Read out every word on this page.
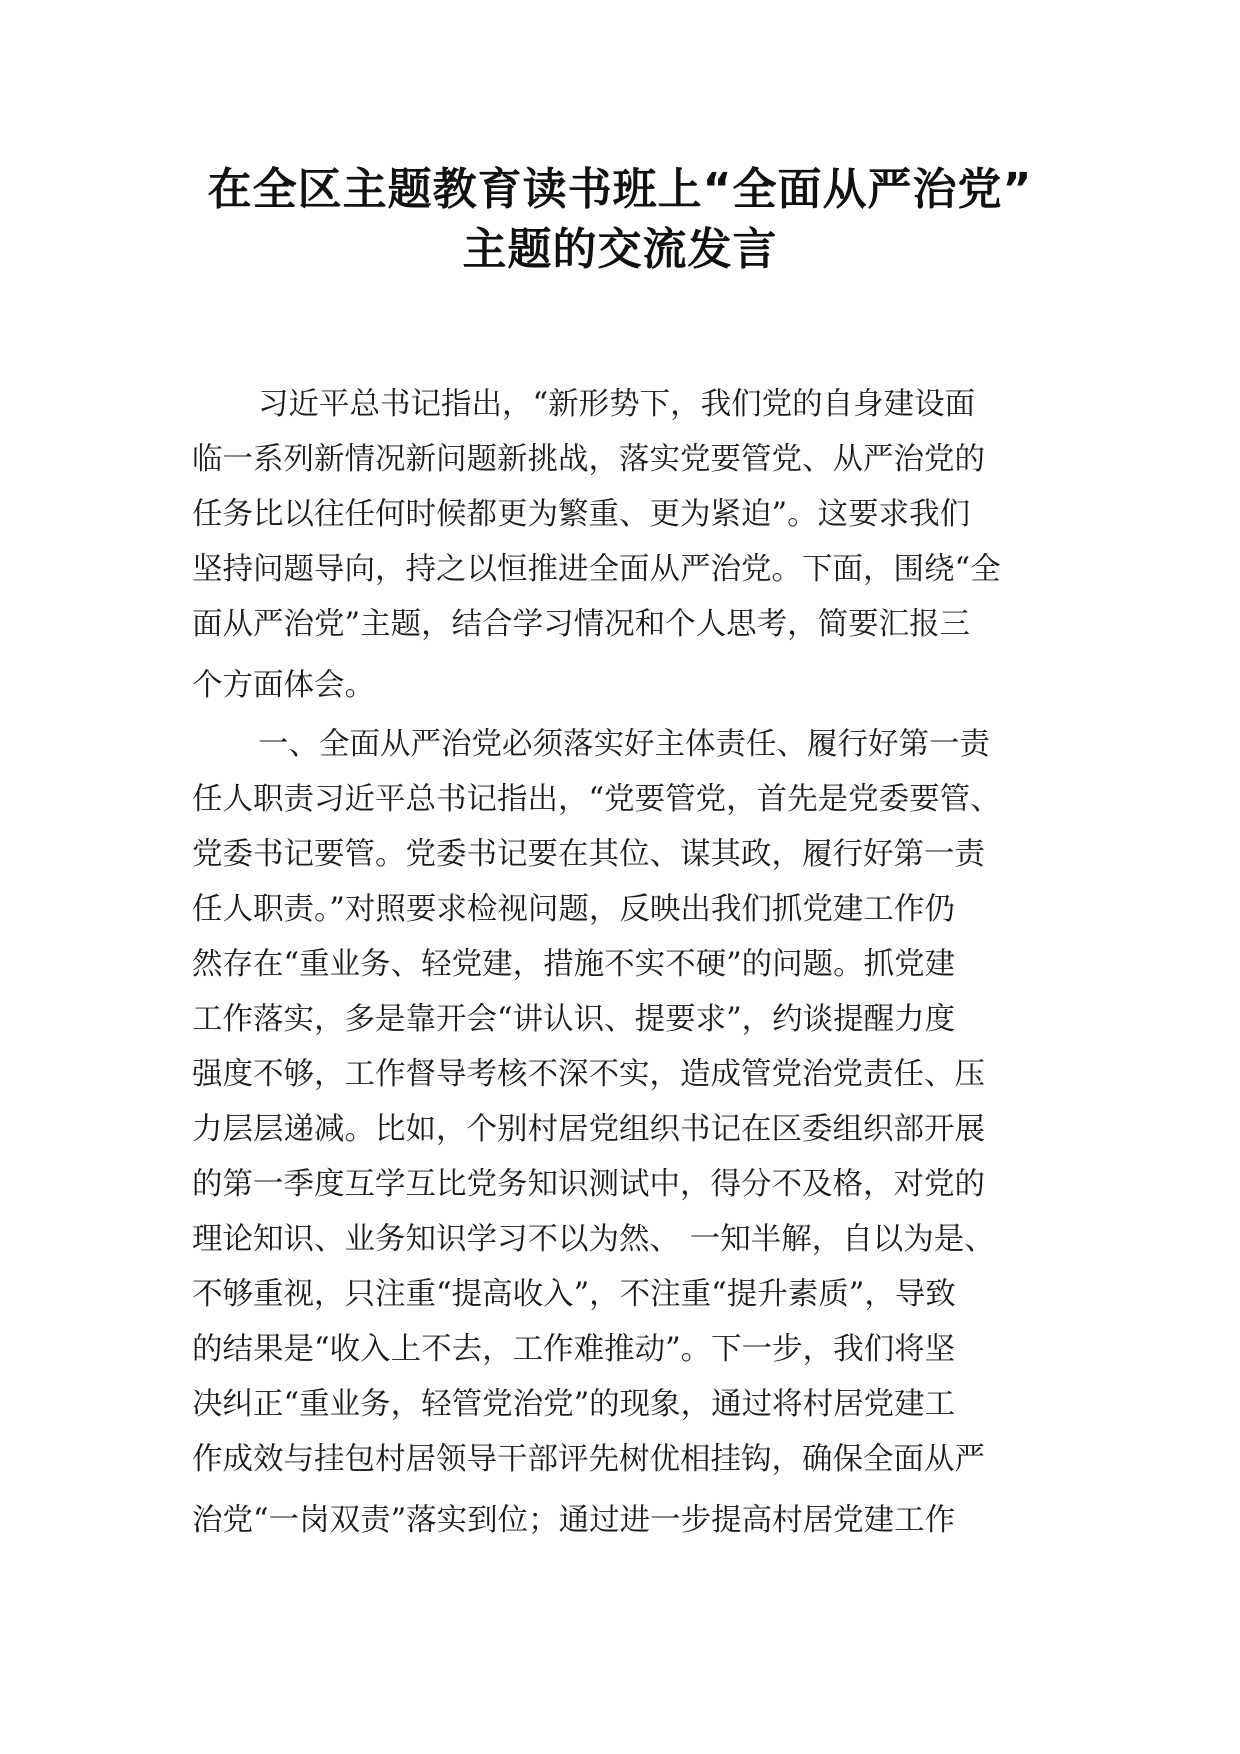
在全区主题教育读书班上“全面从严治党”
主题的交流发言
习近平总书记指出，“新形势下，我们党的自身建设面
临一系列新情况新问题新挑战，落实党要管党、从严治党的
任务比以往任何时候都更为繁重、更为紧迫”。这要求我们
坚持问题导向，持之以恒推进全面从严治党。下面，围绕“全
面从严治党”主题，结合学习情况和个人思考，简要汇报三
个方面体会。
一、全面从严治党必须落实好主体责任、履行好第一责
任人职责习近平总书记指出，“党要管党，首先是党委要管、
党委书记要管。党委书记要在其位、谋其政，履行好第一责
任人职责。”对照要求检视问题，反映出我们抓党建工作仍
然存在“重业务、轻党建，措施不实不硬”的问题。抓党建
工作落实，多是靠开会“讲认识、提要求”，约谈提醒力度
强度不够，工作督导考核不深不实，造成管党治党责任、压
力层层递减。比如，个别村居党组织书记在区委组织部开展
的第一季度互学互比党务知识测试中，得分不及格，对党的
理论知识、业务知识学习不以为然、 一知半解，自以为是、
不够重视，只注重“提高收入”，不注重“提升素质”，导致
的结果是“收入上不去，工作难推动”。下一步，我们将坚
决纠正“重业务，轻管党治党”的现象，通过将村居党建工
作成效与挂包村居领导干部评先树优相挂钩，确保全面从严
治党“一岗双责”落实到位；通过进一步提高村居党建工作
